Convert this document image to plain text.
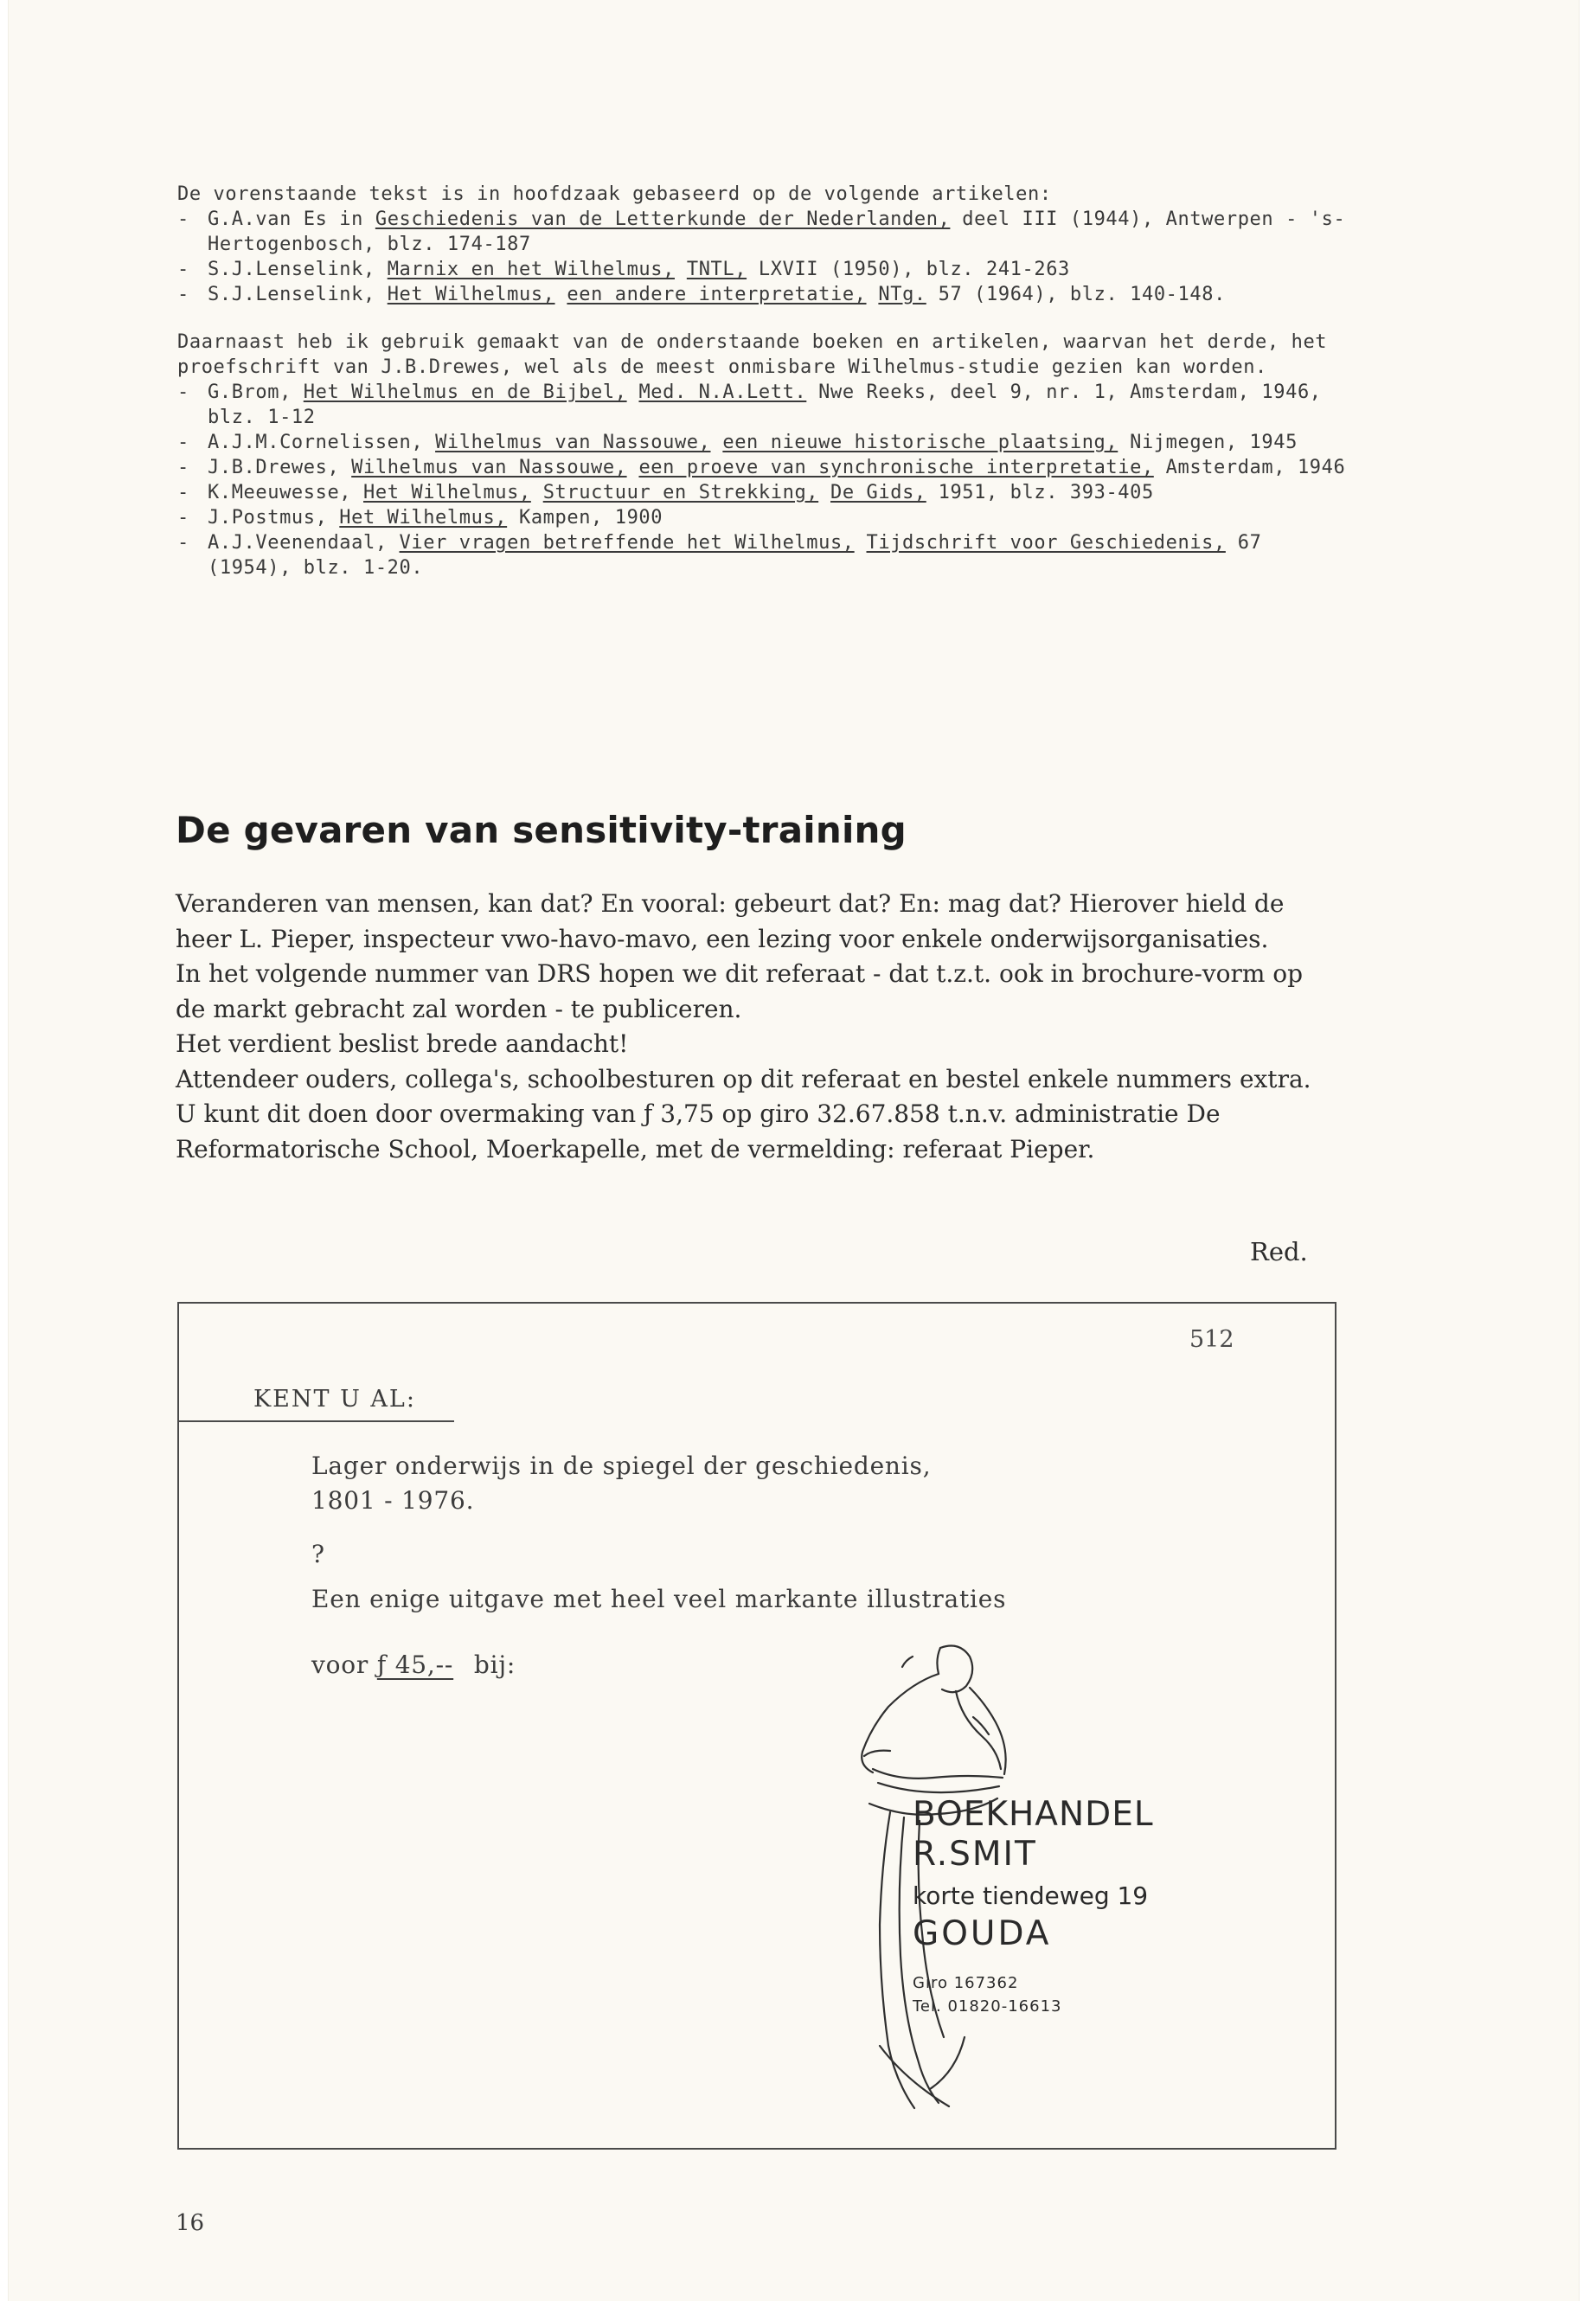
De vorenstaande tekst is in hoofdzaak gebaseerd op de volgende artikelen:

- G.A.van Es in Geschiedenis van de Letterkunde der Nederlanden, deel III (1944), Antwerpen - 's-Hertogenbosch, blz. 174-187

- S.J.Lenselink, Marnix en het Wilhelmus, TNTL, LXVII (1950), blz. 241-263

- S.J.Lenselink, Het Wilhelmus, een andere interpretatie, NTg. 57 (1964), blz. 140-148.

Daarnaast heb ik gebruik gemaakt van de onderstaande boeken en artikelen, waarvan het derde, het proefschrift van J.B.Drewes, wel als de meest onmisbare Wilhelmus-studie gezien kan worden.

- G.Brom, Het Wilhelmus en de Bijbel, Med. N.A.Lett. Nwe Reeks, deel 9, nr. 1, Amsterdam, 1946, blz. 1-12

- A.J.M.Cornelissen, Wilhelmus van Nassouwe, een nieuwe historische plaatsing, Nijmegen, 1945

- J.B.Drewes, Wilhelmus van Nassouwe, een proeve van synchronische interpretatie, Amsterdam, 1946

- K.Meeuwesse, Het Wilhelmus, Structuur en Strekking, De Gids, 1951, blz. 393-405

- J.Postmus, Het Wilhelmus, Kampen, 1900

- A.J.Veenendaal, Vier vragen betreffende het Wilhelmus, Tijdschrift voor Geschiedenis, 67 (1954), blz. 1-20.

De gevaren van sensitivity-training

Veranderen van mensen, kan dat? En vooral: gebeurt dat? En: mag dat? Hierover hield de heer L. Pieper, inspecteur vwo-havo-mavo, een lezing voor enkele onderwijsorganisaties.

In het volgende nummer van DRS hopen we dit referaat - dat t.z.t. ook in brochure-vorm op de markt gebracht zal worden - te publiceren.

Het verdient beslist brede aandacht!

Attendeer ouders, collega's, schoolbesturen op dit referaat en bestel enkele nummers extra. U kunt dit doen door overmaking van ƒ 3,75 op giro 32.67.858 t.n.v. administratie De Reformatorische School, Moerkapelle, met de vermelding: referaat Pieper.

Red.
512
KENT U AL:

Lager onderwijs in de spiegel der geschiedenis,

1801 - 1976.

?

Een enige uitgave met heel veel markante illustraties

voor ƒ 45,-- bij:
BOEKHANDEL
R.SMIT
korte tiendeweg 19
GOUDA
Giro 167362
Tel. 01820-16613
16
